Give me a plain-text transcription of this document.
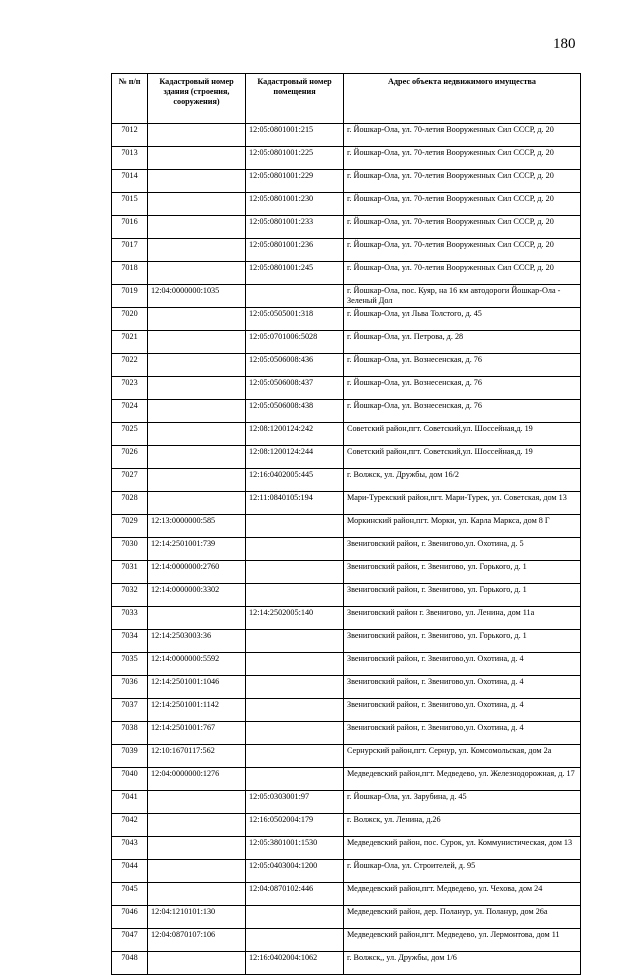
180
№ п/п	Кадастровый номер здания (строения, сооружения)	Кадастровый номер помещения	Адрес объекта недвижимого имущества
7012		12:05:0801001:215	г. Йошкар-Ола, ул. 70-летия Вооруженных Сил СССР, д. 20
7013		12:05:0801001:225	г. Йошкар-Ола, ул. 70-летия Вооруженных Сил СССР, д. 20
7014		12:05:0801001:229	г. Йошкар-Ола, ул. 70-летия Вооруженных Сил СССР, д. 20
7015		12:05:0801001:230	г. Йошкар-Ола, ул. 70-летия Вооруженных Сил СССР, д. 20
7016		12:05:0801001:233	г. Йошкар-Ола, ул. 70-летия Вооруженных Сил СССР, д. 20
7017		12:05:0801001:236	г. Йошкар-Ола, ул. 70-летия Вооруженных Сил СССР, д. 20
7018		12:05:0801001:245	г. Йошкар-Ола, ул. 70-летия Вооруженных Сил СССР, д. 20
7019	12:04:0000000:1035		г. Йошкар-Ола, пос. Куяр, на 16 км автодороги Йошкар-Ола - Зеленый Дол
7020		12:05:0505001:318	г. Йошкар-Ола, ул Льва Толстого, д. 45
7021		12:05:0701006:5028	г. Йошкар-Ола, ул. Петрова, д. 28
7022		12:05:0506008:436	г. Йошкар-Ола, ул. Вознесенская, д. 76
7023		12:05:0506008:437	г. Йошкар-Ола, ул. Вознесенская, д. 76
7024		12:05:0506008:438	г. Йошкар-Ола, ул. Вознесенская, д. 76
7025		12:08:1200124:242	Советский район,пгт. Советский,ул. Шоссейная,д. 19
7026		12:08:1200124:244	Советский район,пгт. Советский,ул. Шоссейная,д. 19
7027		12:16:0402005:445	г. Волжск, ул. Дружбы, дом 16/2
7028		12:11:0840105:194	Мари-Турекский район,пгт. Мари-Турек, ул. Советская, дом 13
7029	12:13:0000000:585		Моркинский район,пгт. Морки, ул. Карла Маркса, дом 8 Г
7030	12:14:2501001:739		Звениговский район, г. Звенигово,ул. Охотина, д. 5
7031	12:14:0000000:2760		Звениговский район, г. Звенигово, ул. Горького, д. 1
7032	12:14:0000000:3302		Звениговский район, г. Звенигово, ул. Горького, д. 1
7033		12:14:2502005:140	Звениговский район г. Звенигово, ул. Ленина, дом 11а
7034	12:14:2503003:36		Звениговский район, г. Звенигово, ул. Горького, д. 1
7035	12:14:0000000:5592		Звениговский район, г. Звенигово,ул. Охотина, д. 4
7036	12:14:2501001:1046		Звениговский район, г. Звенигово,ул. Охотина, д. 4
7037	12:14:2501001:1142		Звениговский район, г. Звенигово,ул. Охотина, д. 4
7038	12:14:2501001:767		Звениговский район, г. Звенигово,ул. Охотина, д. 4
7039	12:10:1670117:562		Сернурский район,пгт. Сернур, ул. Комсомольская, дом 2а
7040	12:04:0000000:1276		Медведевский район,пгт. Медведево, ул. Железнодорожная, д. 17
7041		12:05:0303001:97	г. Йошкар-Ола, ул. Зарубина, д. 45
7042		12:16:0502004:179	г. Волжск, ул. Ленина, д.26
7043		12:05:3801001:1530	Медведевский район, пос. Сурок, ул. Коммунистическая, дом 13
7044		12:05:0403004:1200	г. Йошкар-Ола, ул. Строителей, д. 95
7045		12:04:0870102:446	Медведевский район,пгт. Медведево, ул. Чехова, дом 24
7046	12:04:1210101:130		Медведевский район, дер. Поланур, ул. Поланур, дом 26а
7047	12:04:0870107:106		Медведевский район,пгт. Медведево, ул. Лермонтова, дом 11
7048		12:16:0402004:1062	г. Волжск,, ул. Дружбы, дом 1/6
